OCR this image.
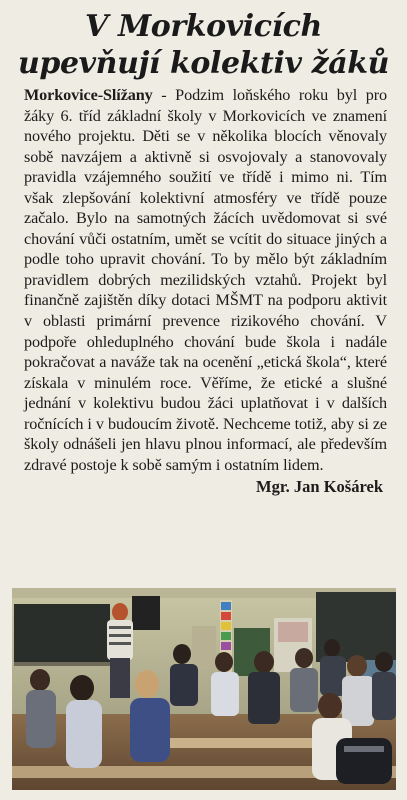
V Morkovicích
upevňují kolektiv žáků

Morkovice-Slížany - Podzim loňského roku byl pro žáky 6. tříd základní školy v Morkovicích ve znamení nového projektu. Děti se v několika blocích věnovaly sobě navzájem a aktivně si osvojovaly a stanovovaly pravidla vzájemného soužití ve třídě i mimo ni. Tím však zlepšování kolektivní atmosféry ve třídě pouze začalo. Bylo na samotných žácích uvědomovat si své chování vůči ostatním, umět se vcítit do situace jiných a podle toho upravit chování. To by mělo být základním pravidlem dobrých mezilidských vztahů. Projekt byl finančně zajištěn díky dotaci MŠMT na podporu aktivit v oblasti primární prevence rizikového chování. V podpoře ohleduplného chování bude škola i nadále pokračovat a naváže tak na ocenění „etická škola“, které získala v minulém roce. Věříme, že etické a slušné jednání v kolektivu budou žáci uplatňovat i v dalších ročnících i v budoucím životě. Nechceme totiž, aby si ze školy odnášeli jen hlavu plnou informací, ale především zdravé postoje k sobě samým i ostatním lidem.

Mgr. Jan Košárek
